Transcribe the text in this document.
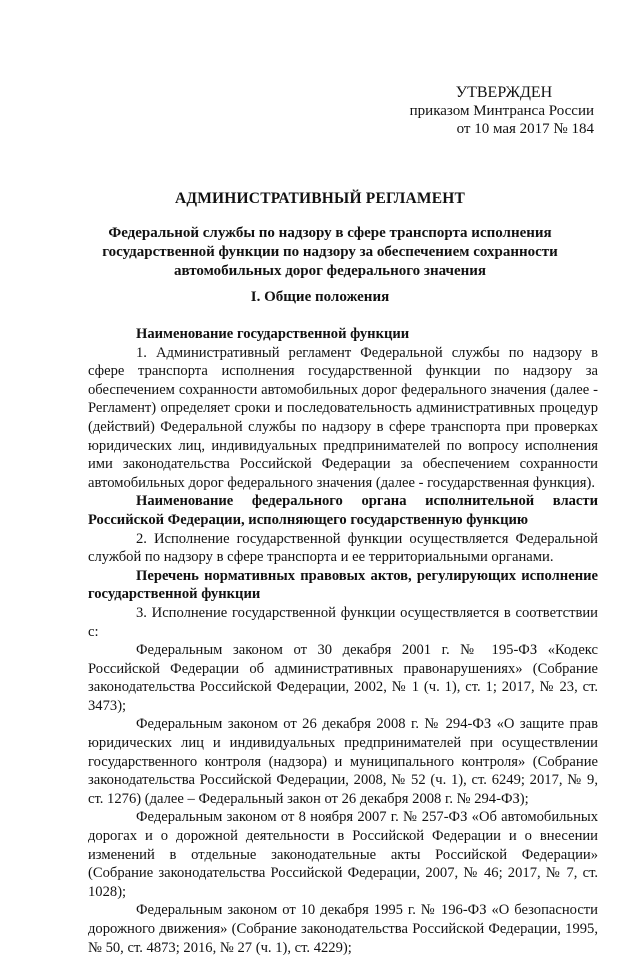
УТВЕРЖДЕН
приказом Минтранса России
от 10 мая 2017 № 184
АДМИНИСТРАТИВНЫЙ РЕГЛАМЕНТ
Федеральной службы по надзору в сфере транспорта исполнения
государственной функции по надзору за обеспечением сохранности
автомобильных дорог федерального значения
I. Общие положения

Наименование государственной функции

1. Административный регламент Федеральной службы по надзору в сфере транспорта исполнения государственной функции по надзору за обеспечением сохранности автомобильных дорог федерального значения (далее - Регламент) определяет сроки и последовательность административных процедур (действий) Федеральной службы по надзору в сфере транспорта при проверках юридических лиц, индивидуальных предпринимателей по вопросу исполнения ими законодательства Российской Федерации за обеспечением сохранности автомобильных дорог федерального значения (далее - государственная функция).

Наименование федерального органа исполнительной власти Российской Федерации, исполняющего государственную функцию

2. Исполнение государственной функции осуществляется Федеральной службой по надзору в сфере транспорта и ее территориальными органами.

Перечень нормативных правовых актов, регулирующих исполнение государственной функции

3. Исполнение государственной функции осуществляется в соответствии с:

Федеральным законом от 30 декабря 2001 г. № 195-ФЗ «Кодекс Российской Федерации об административных правонарушениях» (Собрание законодательства Российской Федерации, 2002, № 1 (ч. 1), ст. 1; 2017, № 23, ст. 3473);

Федеральным законом от 26 декабря 2008 г. № 294-ФЗ «О защите прав юридических лиц и индивидуальных предпринимателей при осуществлении государственного контроля (надзора) и муниципального контроля» (Собрание законодательства Российской Федерации, 2008, № 52 (ч. 1), ст. 6249; 2017, № 9, ст. 1276) (далее – Федеральный закон от 26 декабря 2008 г. № 294-ФЗ);

Федеральным законом от 8 ноября 2007 г. № 257-ФЗ «Об автомобильных дорогах и о дорожной деятельности в Российской Федерации и о внесении изменений в отдельные законодательные акты Российской Федерации» (Собрание законодательства Российской Федерации, 2007, № 46; 2017, № 7, ст. 1028);

Федеральным законом от 10 декабря 1995 г. № 196-ФЗ «О безопасности дорожного движения» (Собрание законодательства Российской Федерации, 1995, № 50, ст. 4873; 2016, № 27 (ч. 1), ст. 4229);
